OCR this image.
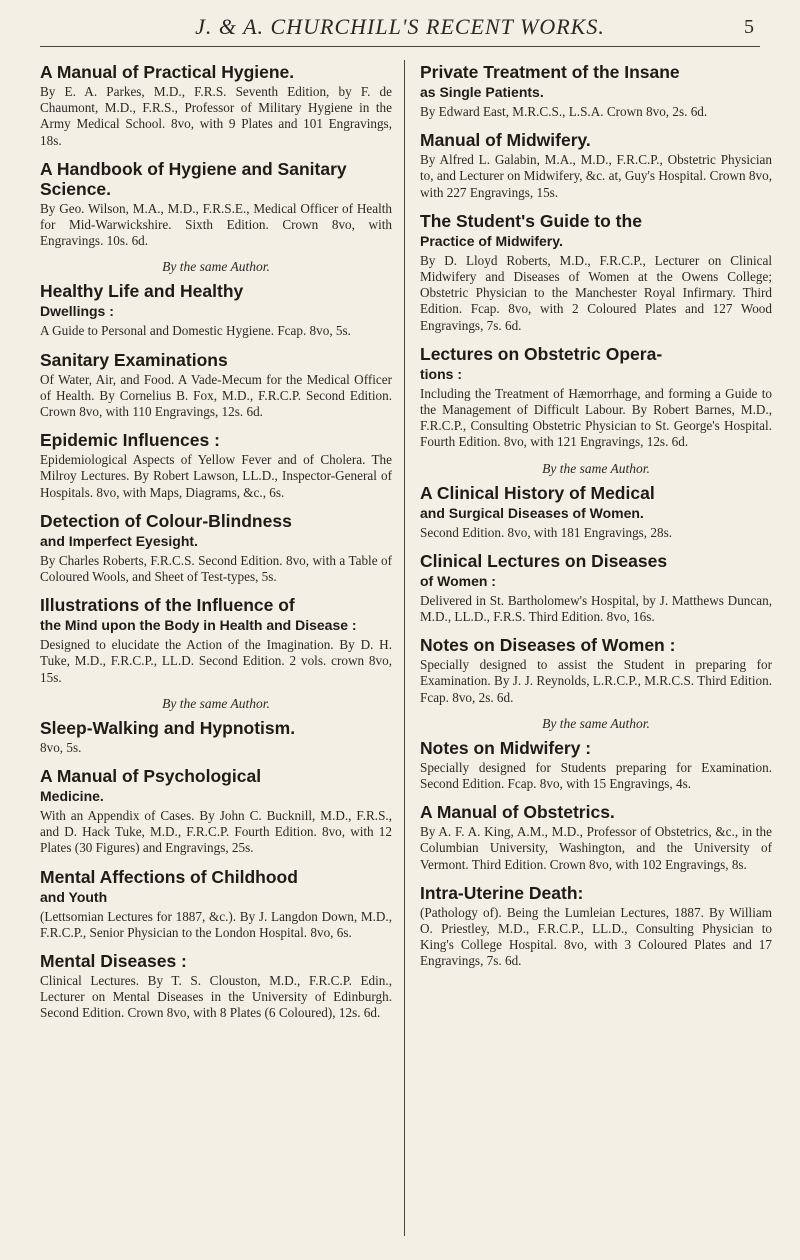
J. & A. CHURCHILL'S RECENT WORKS.	5
A Manual of Practical Hygiene.
By E. A. Parkes, M.D., F.R.S. Seventh Edition, by F. de Chaumont, M.D., F.R.S., Professor of Military Hygiene in the Army Medical School. 8vo, with 9 Plates and 101 Engravings, 18s.
A Handbook of Hygiene and Sanitary Science.
By Geo. Wilson, M.A., M.D., F.R.S.E., Medical Officer of Health for Mid-Warwickshire. Sixth Edition. Crown 8vo, with Engravings. 10s. 6d.
By the same Author.
Healthy Life and Healthy
Dwellings :
A Guide to Personal and Domestic Hygiene. Fcap. 8vo, 5s.
Sanitary Examinations
Of Water, Air, and Food. A Vade-Mecum for the Medical Officer of Health. By Cornelius B. Fox, M.D., F.R.C.P. Second Edition. Crown 8vo, with 110 Engravings, 12s. 6d.
Epidemic Influences :
Epidemiological Aspects of Yellow Fever and of Cholera. The Milroy Lectures. By Robert Lawson, LL.D., Inspector-General of Hospitals. 8vo, with Maps, Diagrams, &c., 6s.
Detection of Colour-Blindness
and Imperfect Eyesight.
By Charles Roberts, F.R.C.S. Second Edition. 8vo, with a Table of Coloured Wools, and Sheet of Test-types, 5s.
Illustrations of the Influence of
the Mind upon the Body in Health and Disease :
Designed to elucidate the Action of the Imagination. By D. H. Tuke, M.D., F.R.C.P., LL.D. Second Edition. 2 vols. crown 8vo, 15s.
By the same Author.
Sleep-Walking and Hypnotism.
8vo, 5s.
A Manual of Psychological
Medicine.
With an Appendix of Cases. By John C. Bucknill, M.D., F.R.S., and D. Hack Tuke, M.D., F.R.C.P. Fourth Edition. 8vo, with 12 Plates (30 Figures) and Engravings, 25s.
Mental Affections of Childhood
and Youth
(Lettsomian Lectures for 1887, &c.). By J. Langdon Down, M.D., F.R.C.P., Senior Physician to the London Hospital. 8vo, 6s.
Mental Diseases :
Clinical Lectures. By T. S. Clouston, M.D., F.R.C.P. Edin., Lecturer on Mental Diseases in the University of Edinburgh. Second Edition. Crown 8vo, with 8 Plates (6 Coloured), 12s. 6d.
Private Treatment of the Insane
as Single Patients.
By Edward East, M.R.C.S., L.S.A. Crown 8vo, 2s. 6d.
Manual of Midwifery.
By Alfred L. Galabin, M.A., M.D., F.R.C.P., Obstetric Physician to, and Lecturer on Midwifery, &c. at, Guy's Hospital. Crown 8vo, with 227 Engravings, 15s.
The Student's Guide to the
Practice of Midwifery.
By D. Lloyd Roberts, M.D., F.R.C.P., Lecturer on Clinical Midwifery and Diseases of Women at the Owens College; Obstetric Physician to the Manchester Royal Infirmary. Third Edition. Fcap. 8vo, with 2 Coloured Plates and 127 Wood Engravings, 7s. 6d.
Lectures on Obstetric Opera-
tions :
Including the Treatment of Hæmorrhage, and forming a Guide to the Management of Difficult Labour. By Robert Barnes, M.D., F.R.C.P., Consulting Obstetric Physician to St. George's Hospital. Fourth Edition. 8vo, with 121 Engravings, 12s. 6d.
By the same Author.
A Clinical History of Medical
and Surgical Diseases of Women.
Second Edition. 8vo, with 181 Engravings, 28s.
Clinical Lectures on Diseases
of Women :
Delivered in St. Bartholomew's Hospital, by J. Matthews Duncan, M.D., LL.D., F.R.S. Third Edition. 8vo, 16s.
Notes on Diseases of Women :
Specially designed to assist the Student in preparing for Examination. By J. J. Reynolds, L.R.C.P., M.R.C.S. Third Edition. Fcap. 8vo, 2s. 6d.
By the same Author.
Notes on Midwifery :
Specially designed for Students preparing for Examination. Second Edition. Fcap. 8vo, with 15 Engravings, 4s.
A Manual of Obstetrics.
By A. F. A. King, A.M., M.D., Professor of Obstetrics, &c., in the Columbian University, Washington, and the University of Vermont. Third Edition. Crown 8vo, with 102 Engravings, 8s.
Intra-Uterine Death:
(Pathology of). Being the Lumleian Lectures, 1887. By William O. Priestley, M.D., F.R.C.P., LL.D., Consulting Physician to King's College Hospital. 8vo, with 3 Coloured Plates and 17 Engravings, 7s. 6d.
